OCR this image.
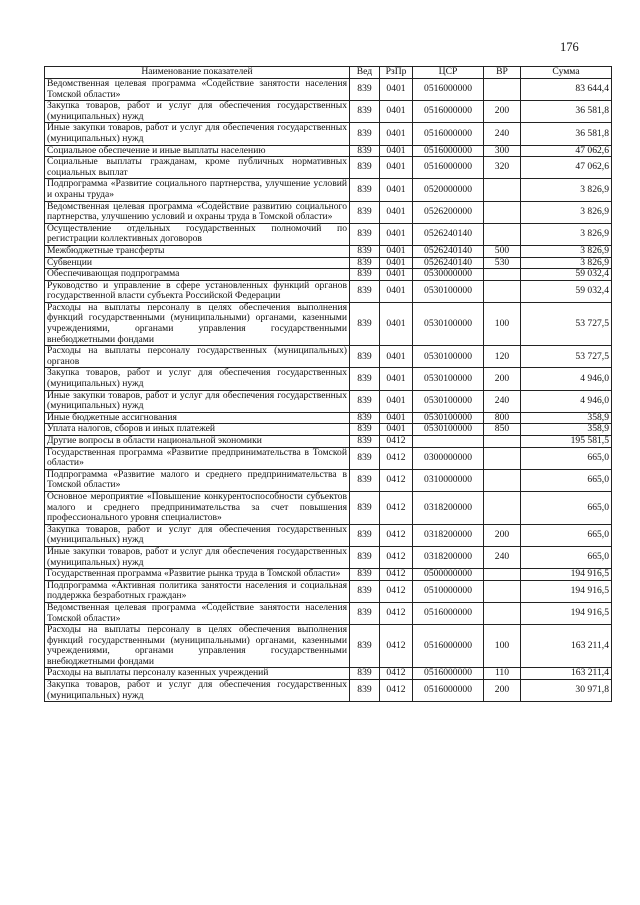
176
Наименование показателей	Вед	РзПр	ЦСР	ВР	Сумма
Ведомственная целевая программа «Содействие занятости населения Томской области»	839	0401	0516000000		83 644,4
Закупка товаров, работ и услуг для обеспечения государственных (муниципальных) нужд	839	0401	0516000000	200	36 581,8
Иные закупки товаров, работ и услуг для обеспечения государственных (муниципальных) нужд	839	0401	0516000000	240	36 581,8
Социальное обеспечение и иные выплаты населению	839	0401	0516000000	300	47 062,6
Социальные выплаты гражданам, кроме публичных нормативных социальных выплат	839	0401	0516000000	320	47 062,6
Подпрограмма «Развитие социального партнерства, улучшение условий и охраны труда»	839	0401	0520000000		3 826,9
Ведомственная целевая программа «Содействие развитию социального партнерства, улучшению условий и охраны труда в Томской области»	839	0401	0526200000		3 826,9
Осуществление отдельных государственных полномочий по регистрации коллективных договоров	839	0401	0526240140		3 826,9
Межбюджетные трансферты	839	0401	0526240140	500	3 826,9
Субвенции	839	0401	0526240140	530	3 826,9
Обеспечивающая подпрограмма	839	0401	0530000000		59 032,4
Руководство и управление в сфере установленных функций органов государственной власти субъекта Российской Федерации	839	0401	0530100000		59 032,4
Расходы на выплаты персоналу в целях обеспечения выполнения функций государственными (муниципальными) органами, казенными учреждениями, органами управления государственными внебюджетными фондами	839	0401	0530100000	100	53 727,5
Расходы на выплаты персоналу государственных (муниципальных) органов	839	0401	0530100000	120	53 727,5
Закупка товаров, работ и услуг для обеспечения государственных (муниципальных) нужд	839	0401	0530100000	200	4 946,0
Иные закупки товаров, работ и услуг для обеспечения государственных (муниципальных) нужд	839	0401	0530100000	240	4 946,0
Иные бюджетные ассигнования	839	0401	0530100000	800	358,9
Уплата налогов, сборов и иных платежей	839	0401	0530100000	850	358,9
Другие вопросы в области национальной экономики	839	0412			195 581,5
Государственная программа «Развитие предпринимательства в Томской области»	839	0412	0300000000		665,0
Подпрограмма «Развитие малого и среднего предпринимательства в Томской области»	839	0412	0310000000		665,0
Основное мероприятие «Повышение конкурентоспособности субъектов малого и среднего предпринимательства за счет повышения профессионального уровня специалистов»	839	0412	0318200000		665,0
Закупка товаров, работ и услуг для обеспечения государственных (муниципальных) нужд	839	0412	0318200000	200	665,0
Иные закупки товаров, работ и услуг для обеспечения государственных (муниципальных) нужд	839	0412	0318200000	240	665,0
Государственная программа «Развитие рынка труда в Томской области»	839	0412	0500000000		194 916,5
Подпрограмма «Активная политика занятости населения и социальная поддержка безработных граждан»	839	0412	0510000000		194 916,5
Ведомственная целевая программа «Содействие занятости населения Томской области»	839	0412	0516000000		194 916,5
Расходы на выплаты персоналу в целях обеспечения выполнения функций государственными (муниципальными) органами, казенными учреждениями, органами управления государственными внебюджетными фондами	839	0412	0516000000	100	163 211,4
Расходы на выплаты персоналу казенных учреждений	839	0412	0516000000	110	163 211,4
Закупка товаров, работ и услуг для обеспечения государственных (муниципальных) нужд	839	0412	0516000000	200	30 971,8
